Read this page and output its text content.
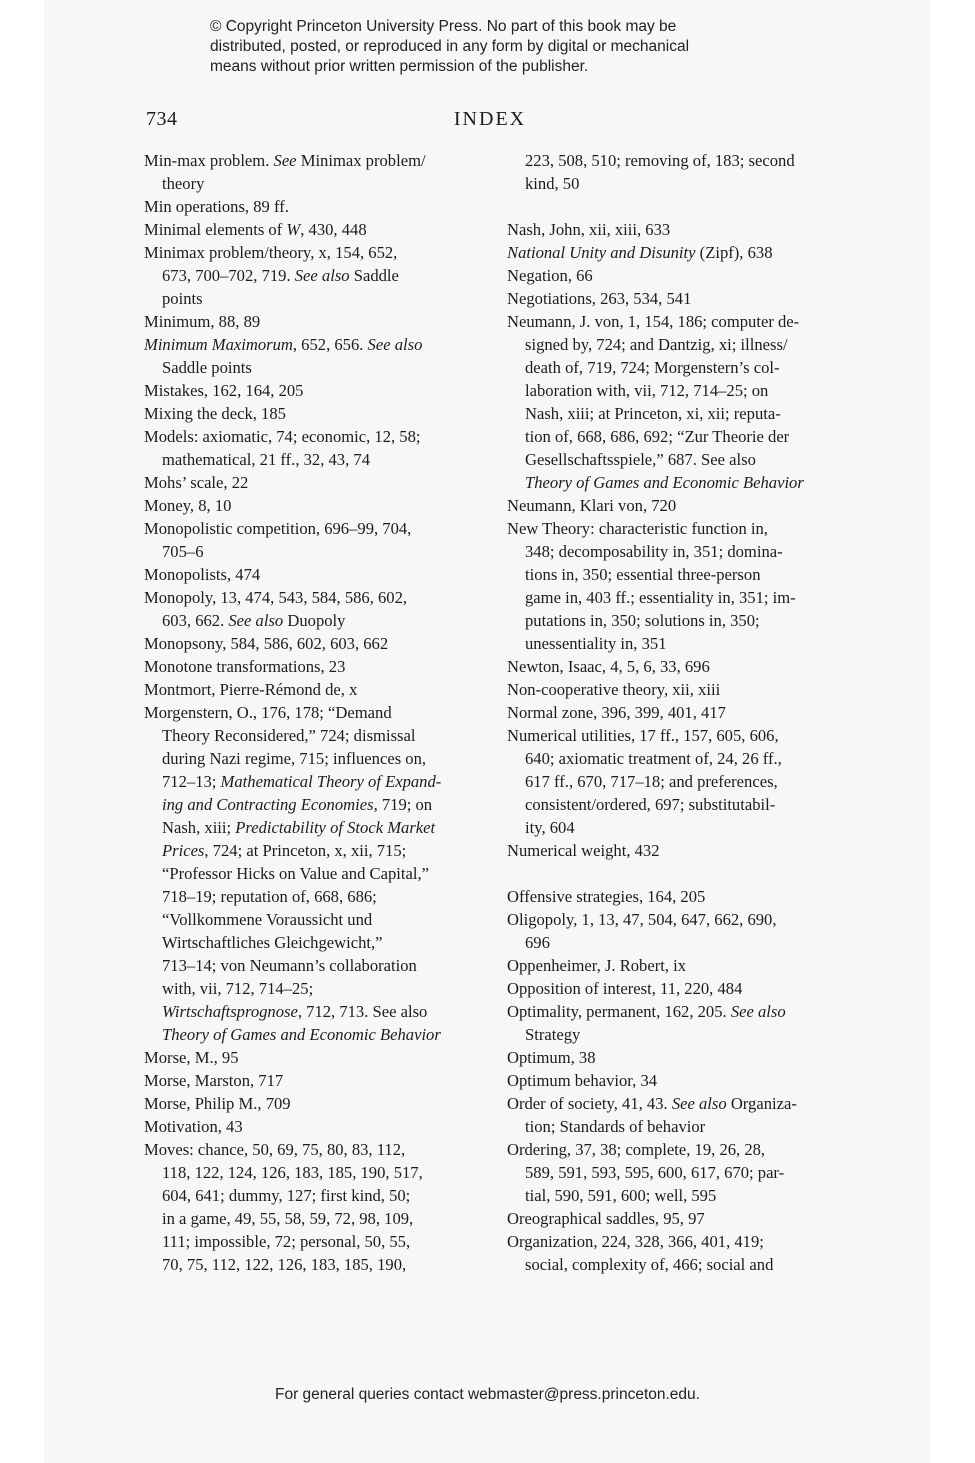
© Copyright Princeton University Press. No part of this book may be
distributed, posted, or reproduced in any form by digital or mechanical
means without prior written permission of the publisher.
734	INDEX
Min-max problem. See Minimax problem/
theory
Min operations, 89 ff.
Minimal elements of W, 430, 448
Minimax problem/theory, x, 154, 652,
673, 700–702, 719. See also Saddle
points
Minimum, 88, 89
Minimum Maximorum, 652, 656. See also
Saddle points
Mistakes, 162, 164, 205
Mixing the deck, 185
Models: axiomatic, 74; economic, 12, 58;
mathematical, 21 ff., 32, 43, 74
Mohs’ scale, 22
Money, 8, 10
Monopolistic competition, 696–99, 704,
705–6
Monopolists, 474
Monopoly, 13, 474, 543, 584, 586, 602,
603, 662. See also Duopoly
Monopsony, 584, 586, 602, 603, 662
Monotone transformations, 23
Montmort, Pierre-Rémond de, x
Morgenstern, O., 176, 178; “Demand
Theory Reconsidered,” 724; dismissal
during Nazi regime, 715; influences on,
712–13; Mathematical Theory of Expand-
ing and Contracting Economies, 719; on
Nash, xiii; Predictability of Stock Market
Prices, 724; at Princeton, x, xii, 715;
“Professor Hicks on Value and Capital,”
718–19; reputation of, 668, 686;
“Vollkommene Voraussicht und
Wirtschaftliches Gleichgewicht,”
713–14; von Neumann’s collaboration
with, vii, 712, 714–25;
Wirtschaftsprognose, 712, 713. See also
Theory of Games and Economic Behavior
Morse, M., 95
Morse, Marston, 717
Morse, Philip M., 709
Motivation, 43
Moves: chance, 50, 69, 75, 80, 83, 112,
118, 122, 124, 126, 183, 185, 190, 517,
604, 641; dummy, 127; first kind, 50;
in a game, 49, 55, 58, 59, 72, 98, 109,
111; impossible, 72; personal, 50, 55,
70, 75, 112, 122, 126, 183, 185, 190,
223, 508, 510; removing of, 183; second
kind, 50
Nash, John, xii, xiii, 633
National Unity and Disunity (Zipf), 638
Negation, 66
Negotiations, 263, 534, 541
Neumann, J. von, 1, 154, 186; computer de-
signed by, 724; and Dantzig, xi; illness/
death of, 719, 724; Morgenstern’s col-
laboration with, vii, 712, 714–25; on
Nash, xiii; at Princeton, xi, xii; reputa-
tion of, 668, 686, 692; “Zur Theorie der
Gesellschaftsspiele,” 687. See also
Theory of Games and Economic Behavior
Neumann, Klari von, 720
New Theory: characteristic function in,
348; decomposability in, 351; domina-
tions in, 350; essential three-person
game in, 403 ff.; essentiality in, 351; im-
putations in, 350; solutions in, 350;
unessentiality in, 351
Newton, Isaac, 4, 5, 6, 33, 696
Non-cooperative theory, xii, xiii
Normal zone, 396, 399, 401, 417
Numerical utilities, 17 ff., 157, 605, 606,
640; axiomatic treatment of, 24, 26 ff.,
617 ff., 670, 717–18; and preferences,
consistent/ordered, 697; substitutabil-
ity, 604
Numerical weight, 432
Offensive strategies, 164, 205
Oligopoly, 1, 13, 47, 504, 647, 662, 690,
696
Oppenheimer, J. Robert, ix
Opposition of interest, 11, 220, 484
Optimality, permanent, 162, 205. See also
Strategy
Optimum, 38
Optimum behavior, 34
Order of society, 41, 43. See also Organiza-
tion; Standards of behavior
Ordering, 37, 38; complete, 19, 26, 28,
589, 591, 593, 595, 600, 617, 670; par-
tial, 590, 591, 600; well, 595
Oreographical saddles, 95, 97
Organization, 224, 328, 366, 401, 419;
social, complexity of, 466; social and
For general queries contact webmaster@press.princeton.edu.
